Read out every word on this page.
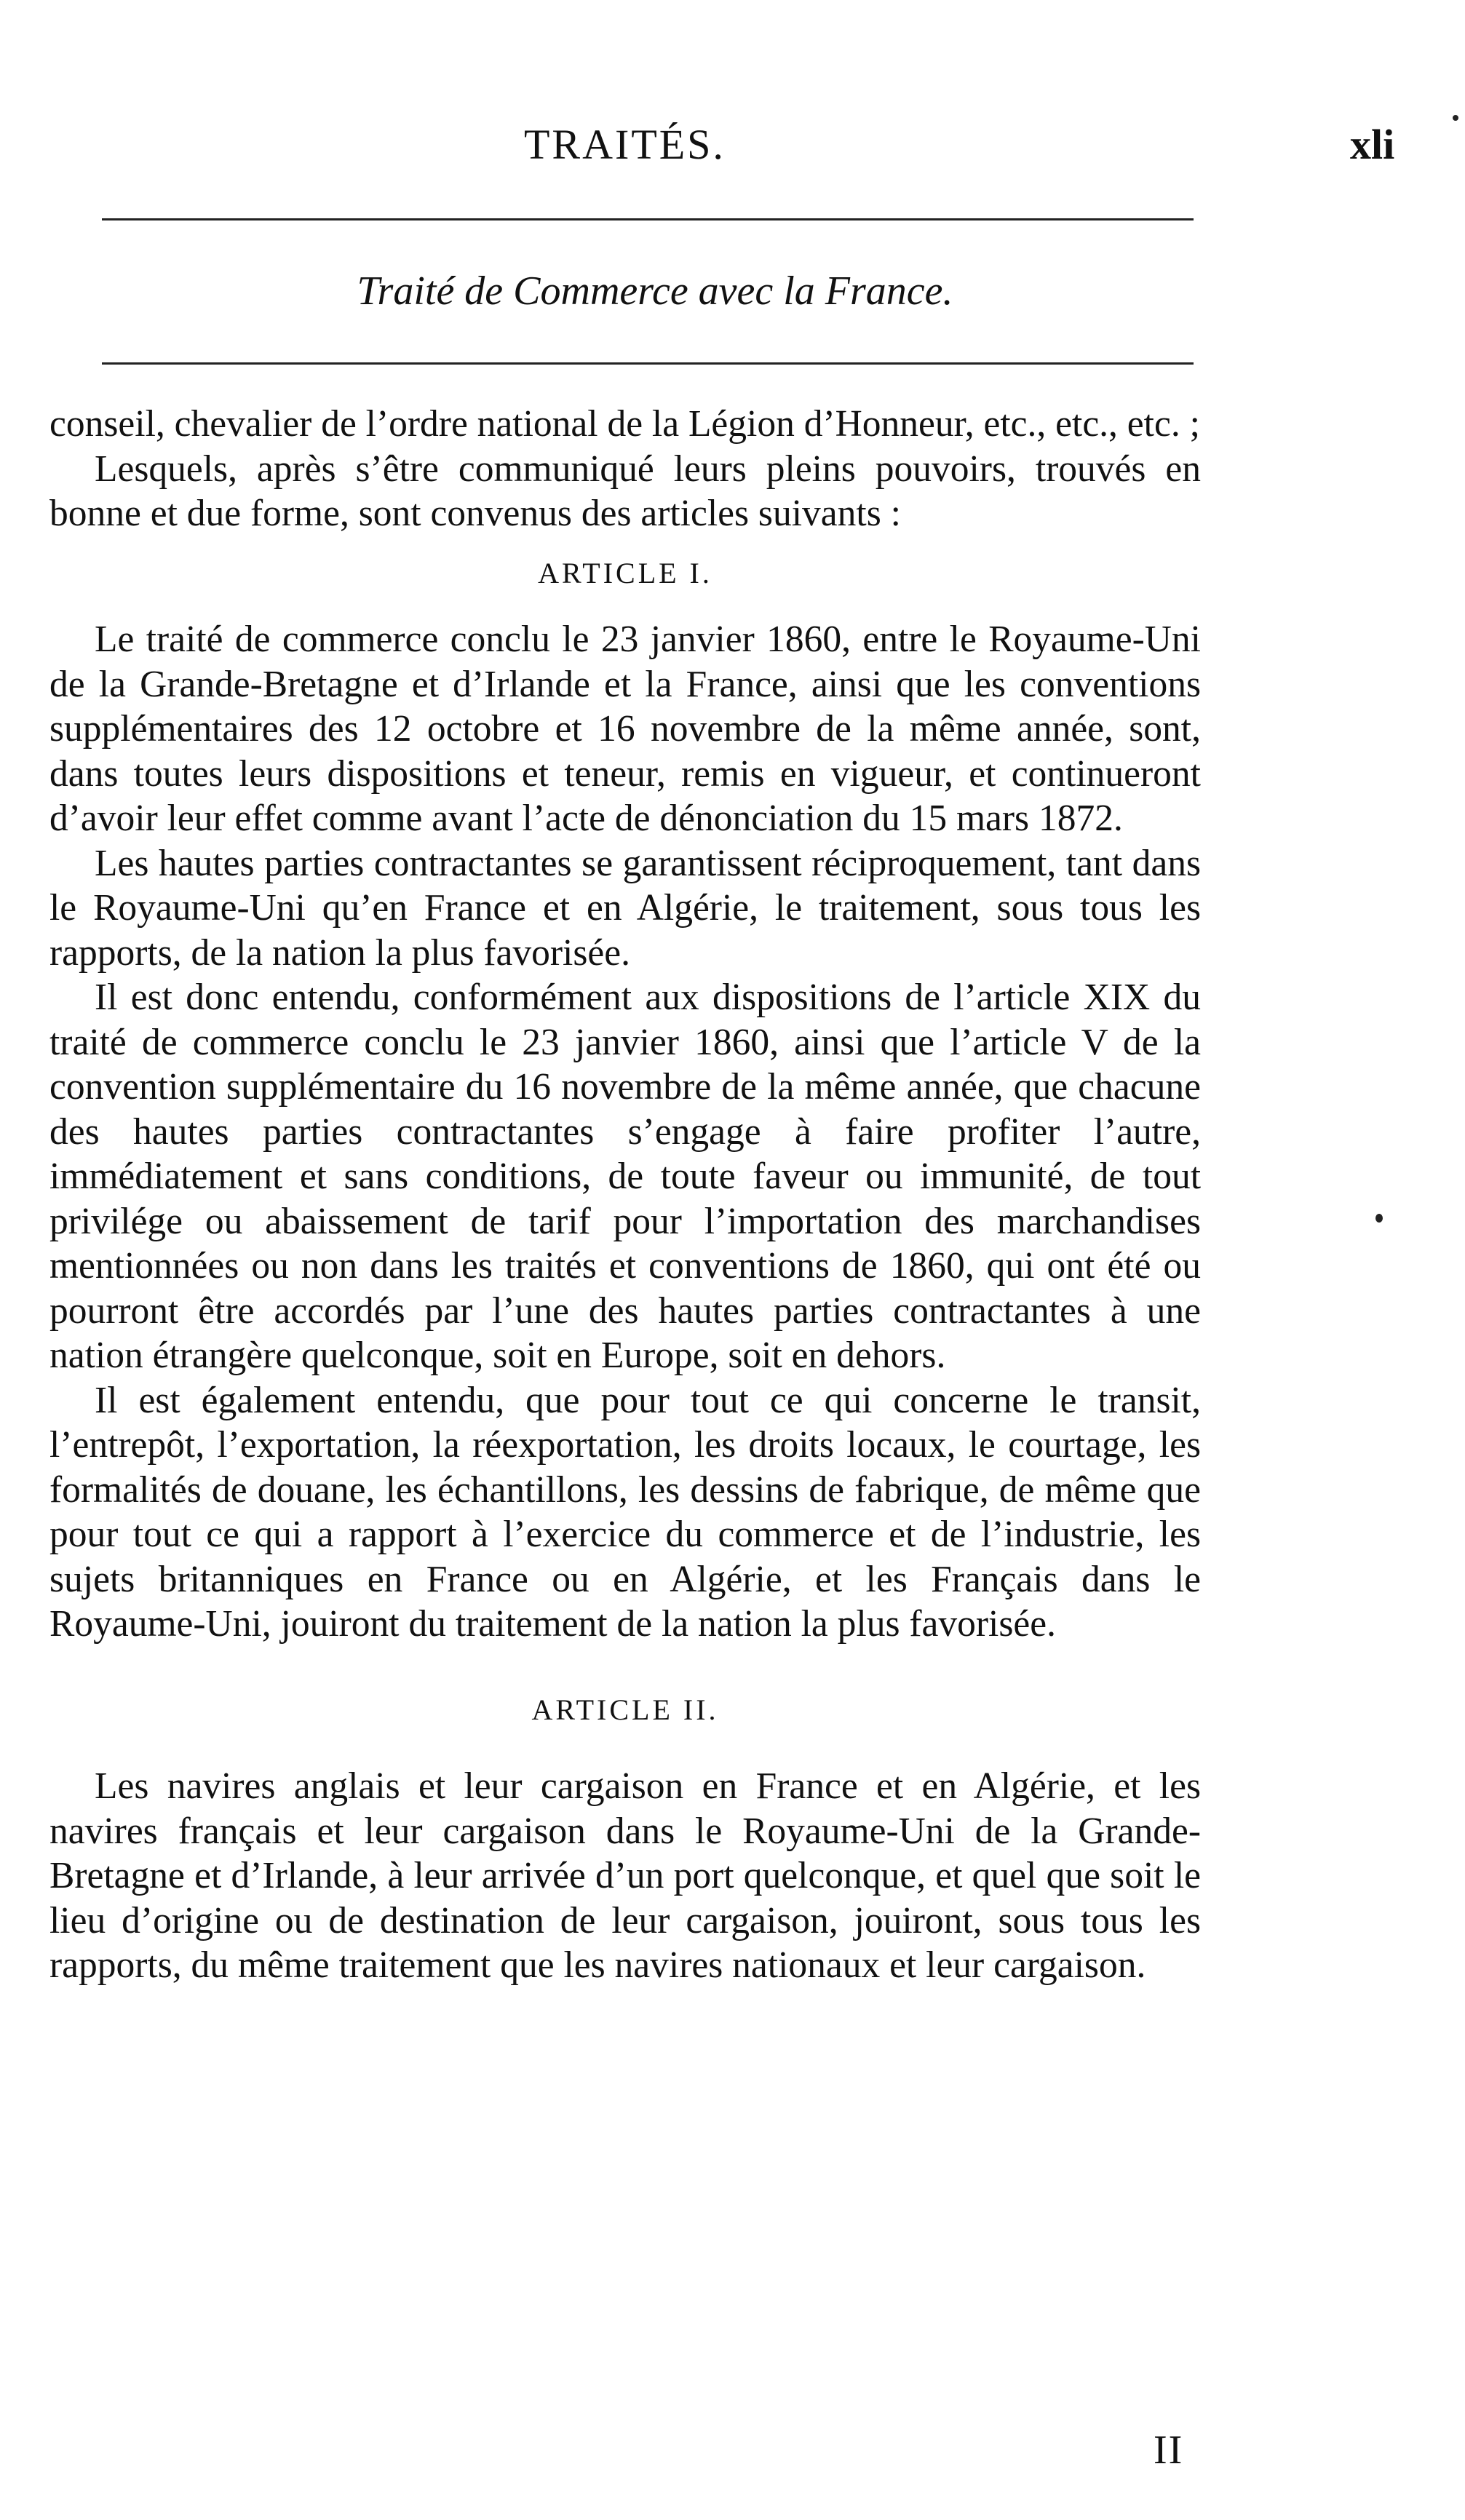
TRAITÉS.	xli
Traité de Commerce avec la France.

conseil, chevalier de l’ordre national de la Légion d’Honneur, etc., etc., etc. ;

Lesquels, après s’être communiqué leurs pleins pouvoirs, trouvés en bonne et due forme, sont convenus des articles suivants :

ARTICLE I.

Le traité de commerce conclu le 23 janvier 1860, entre le Royaume-Uni de la Grande-Bretagne et d’Irlande et la France, ainsi que les conventions supplémentaires des 12 octobre et 16 novembre de la même année, sont, dans toutes leurs dispositions et teneur, remis en vigueur, et continueront d’avoir leur effet comme avant l’acte de dénonciation du 15 mars 1872.

Les hautes parties contractantes se garantissent réciproquement, tant dans le Royaume-Uni qu’en France et en Algérie, le traitement, sous tous les rapports, de la nation la plus favorisée.

Il est donc entendu, conformément aux dispositions de l’article XIX du traité de commerce conclu le 23 janvier 1860, ainsi que l’article V de la convention supplémentaire du 16 novembre de la même année, que chacune des hautes parties contractantes s’engage à faire profiter l’autre, immédiatement et sans conditions, de toute faveur ou immunité, de tout privilége ou abaissement de tarif pour l’importation des marchandises mentionnées ou non dans les traités et conventions de 1860, qui ont été ou pourront être accordés par l’une des hautes parties contractantes à une nation étrangère quelconque, soit en Europe, soit en dehors.

Il est également entendu, que pour tout ce qui concerne le transit, l’entrepôt, l’exportation, la réexportation, les droits locaux, le courtage, les formalités de douane, les échantillons, les dessins de fabrique, de même que pour tout ce qui a rapport à l’exercice du commerce et de l’industrie, les sujets britanniques en France ou en Algérie, et les Français dans le Royaume-Uni, jouiront du traitement de la nation la plus favorisée.

ARTICLE II.

Les navires anglais et leur cargaison en France et en Algérie, et les navires français et leur cargaison dans le Royaume-Uni de la Grande-Bretagne et d’Irlande, à leur arrivée d’un port quelconque, et quel que soit le lieu d’origine ou de destination de leur cargaison, jouiront, sous tous les rapports, du même traitement que les navires nationaux et leur cargaison.

II
